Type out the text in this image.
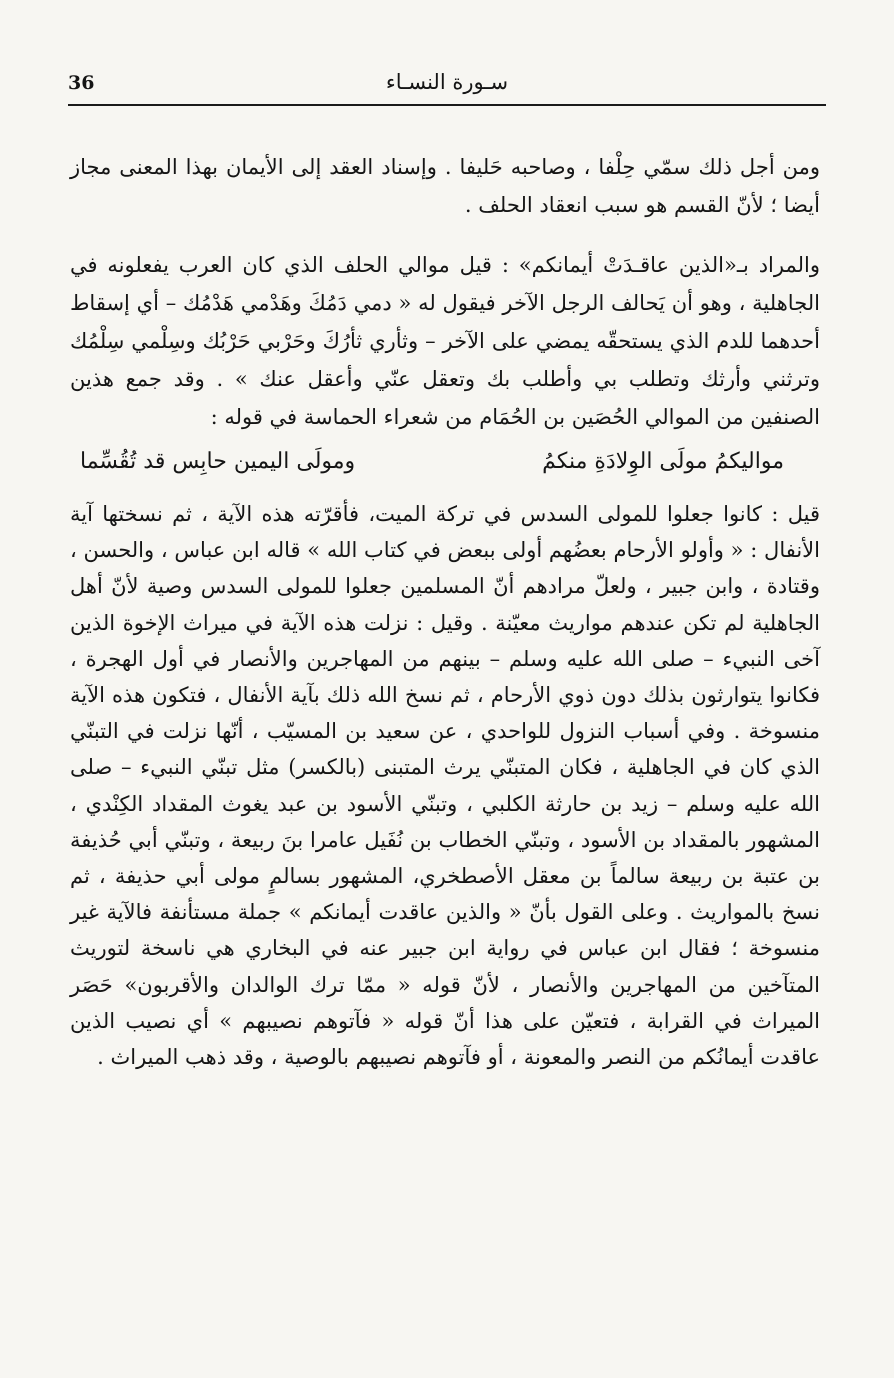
36	سـورة النسـاء

ومن أجل ذلك سمّي حِلْفا ، وصاحبه حَليفا . وإسناد العقد إلى الأيمان بهذا المعنى مجاز أيضا ؛ لأنّ القسم هو سبب انعقاد الحلف .

والمراد بـ«الذين عاقـدَتْ أيمانكم» : قيل موالي الحلف الذي كان العرب يفعلونه في الجاهلية ، وهو أن يَحالف الرجل الآخر فيقول له « دمي دَمُكَ وهَدْمي هَدْمُك – أي إسقاط أحدهما للدم الذي يستحقّه يمضي على الآخر – وثأري ثأرُكَ وحَرْبي حَرْبُك وسِلْمي سِلْمُك وترثني وأرثك وتطلب بي وأطلب بك وتعقل عنّي وأعقل عنك » . وقد جمع هذين الصنفين من الموالي الحُصَين بن الحُمَام من شعراء الحماسة في قوله :

مواليكمُ مولَى الوِلادَةِ منكمُ
ومولَى اليمين حابِس قد تُقُسِّما

قيل : كانوا جعلوا للمولى السدس في تركة الميت، فأقرّته هذه الآية ، ثم نسختها آية الأنفال : « وأولو الأرحام بعضُهم أولى ببعض في كتاب الله » قاله ابن عباس ، والحسن ، وقتادة ، وابن جبير ، ولعلّ مرادهم أنّ المسلمين جعلوا للمولى السدس وصية لأنّ أهل الجاهلية لم تكن عندهم مواريث معيّنة . وقيل : نزلت هذه الآية في ميراث الإخوة الذين آخى النبيء – صلى الله عليه وسلم – بينهم من المهاجرين والأنصار في أول الهجرة ، فكانوا يتوارثون بذلك دون ذوي الأرحام ، ثم نسخ الله ذلك بآية الأنفال ، فتكون هذه الآية منسوخة . وفي أسباب النزول للواحدي ، عن سعيد بن المسيّب ، أنّها نزلت في التبنّي الذي كان في الجاهلية ، فكان المتبنّي يرث المتبنى (بالكسر) مثل تبنّي النبيء – صلى الله عليه وسلم – زيد بن حارثة الكلبي ، وتبنّي الأسود بن عبد يغوث المقداد الكِنْدي ، المشهور بالمقداد بن الأسود ، وتبنّي الخطاب بن نُفَيل عامرا بنَ ربيعة ، وتبنّي أبي حُذيفة بن عتبة بن ربيعة سالماً بن معقل الأصطخري، المشهور بسالمٍ مولى أبي حذيفة ، ثم نسخ بالمواريث . وعلى القول بأنّ « والذين عاقدت أيمانكم » جملة مستأنفة فالآية غير منسوخة ؛ فقال ابن عباس في رواية ابن جبير عنه في البخاري هي ناسخة لتوريث المتآخين من المهاجرين والأنصار ، لأنّ قوله « ممّا ترك الوالدان والأقربون» حَصَر الميراث في القرابة ، فتعيّن على هذا أنّ قوله « فآتوهم نصيبهم » أي نصيب الذين عاقدت أيمانُكم من النصر والمعونة ، أو فآتوهم نصيبهم بالوصية ، وقد ذهب الميراث .
